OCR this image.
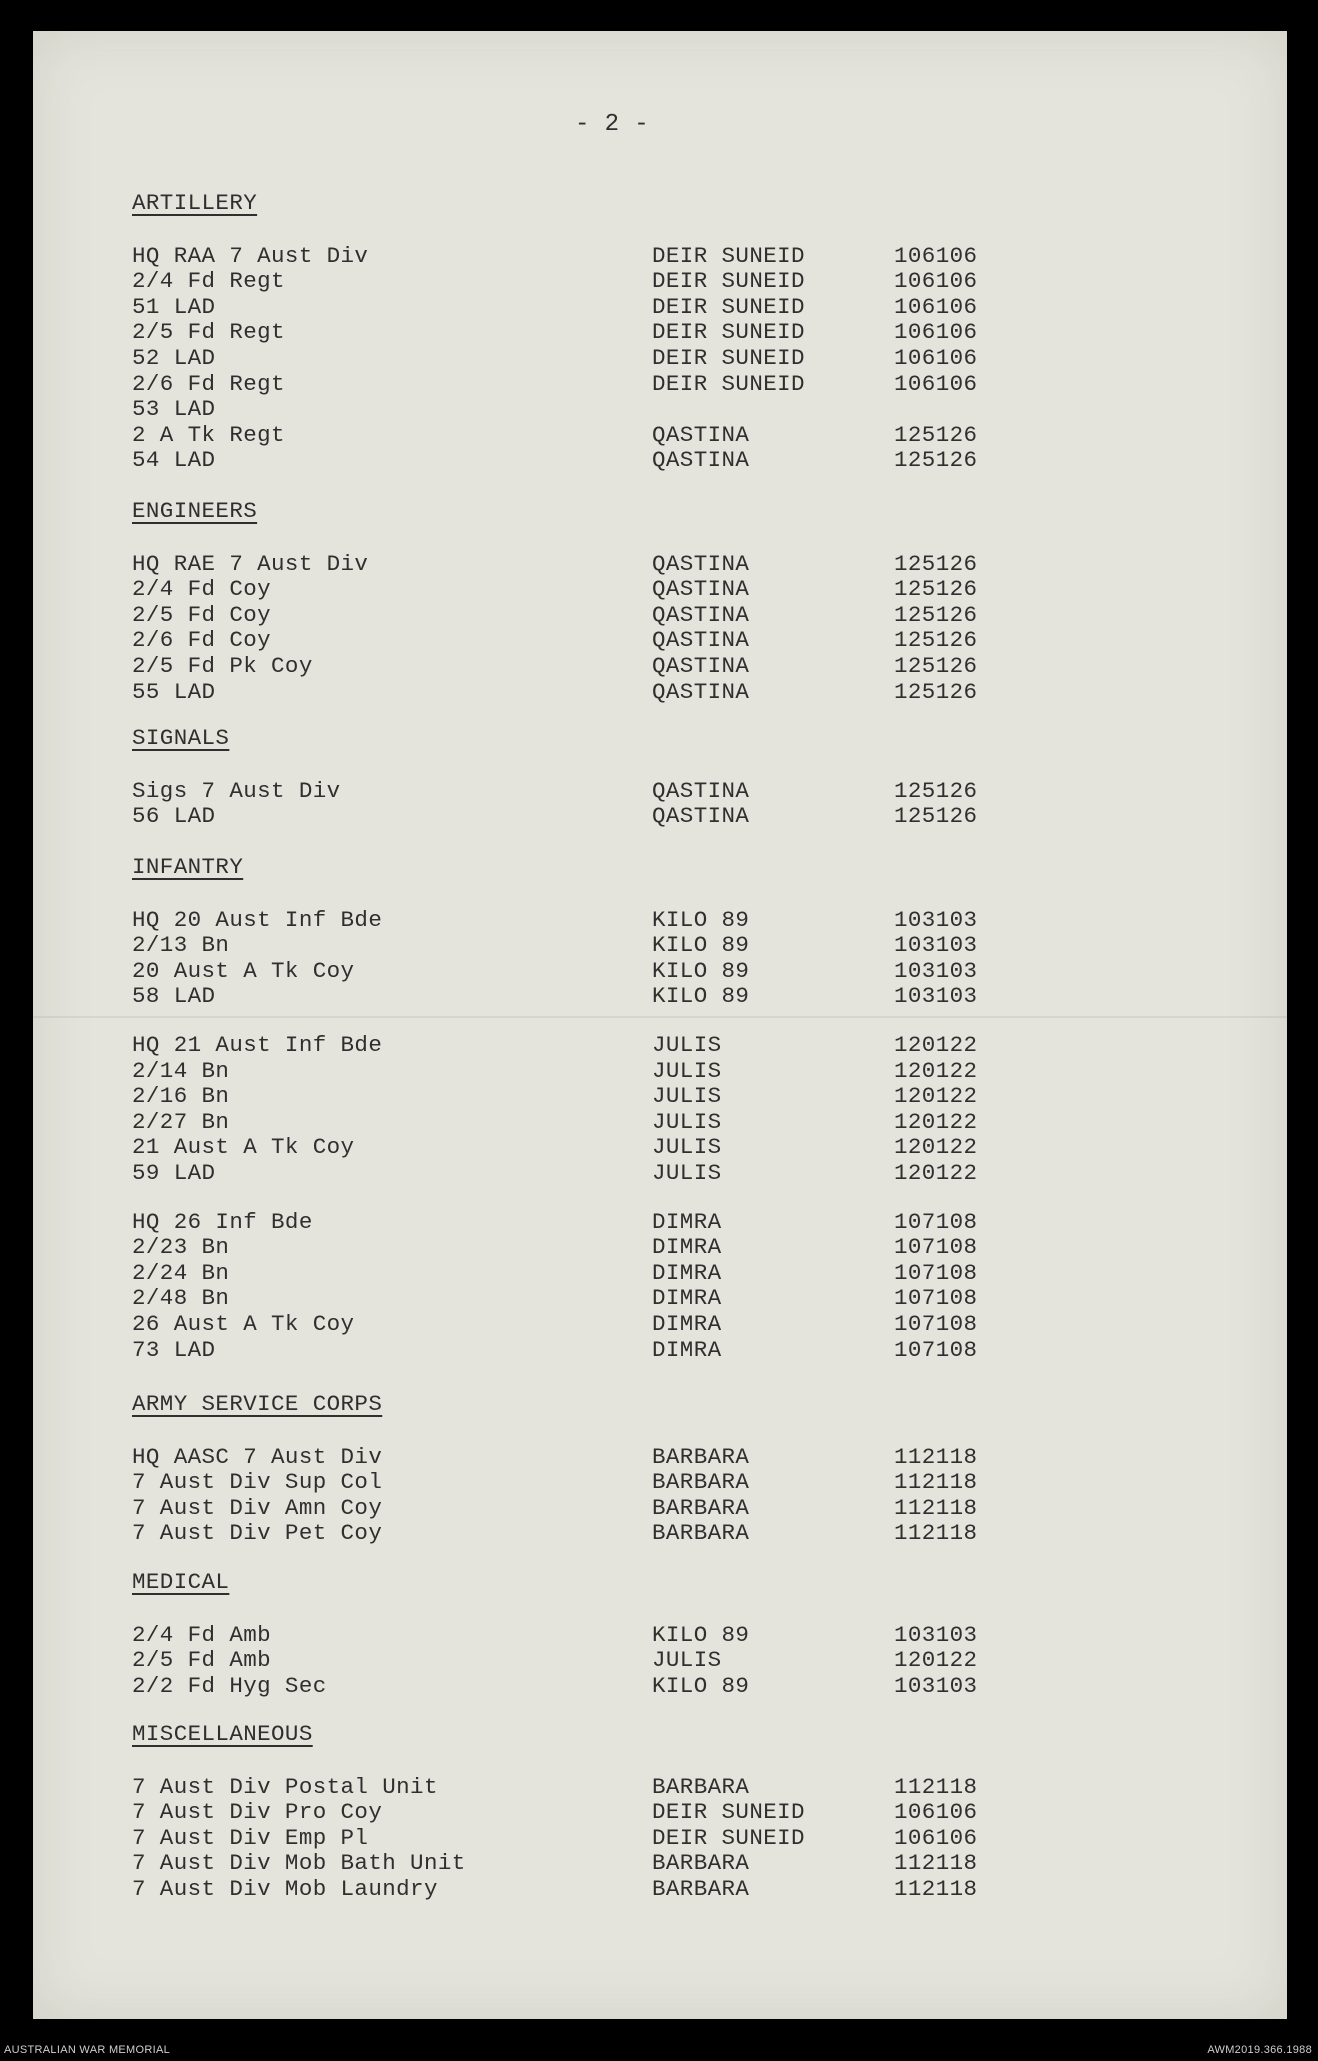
- 2 -
ARTILLERY
HQ RAA 7 Aust Div	DEIR SUNEID	106106
2/4 Fd Regt	DEIR SUNEID	106106
51 LAD	DEIR SUNEID	106106
2/5 Fd Regt	DEIR SUNEID	106106
52 LAD	DEIR SUNEID	106106
2/6 Fd Regt	DEIR SUNEID	106106
53 LAD
2 A Tk Regt	QASTINA	125126
54 LAD	QASTINA	125126
ENGINEERS
HQ RAE 7 Aust Div	QASTINA	125126
2/4 Fd Coy	QASTINA	125126
2/5 Fd Coy	QASTINA	125126
2/6 Fd Coy	QASTINA	125126
2/5 Fd Pk Coy	QASTINA	125126
55 LAD	QASTINA	125126
SIGNALS
Sigs 7 Aust Div	QASTINA	125126
56 LAD	QASTINA	125126
INFANTRY
HQ 20 Aust Inf Bde	KILO 89	103103
2/13 Bn	KILO 89	103103
20 Aust A Tk Coy	KILO 89	103103
58 LAD	KILO 89	103103
HQ 21 Aust Inf Bde	JULIS	120122
2/14 Bn	JULIS	120122
2/16 Bn	JULIS	120122
2/27 Bn	JULIS	120122
21 Aust A Tk Coy	JULIS	120122
59 LAD	JULIS	120122
HQ 26 Inf Bde	DIMRA	107108
2/23 Bn	DIMRA	107108
2/24 Bn	DIMRA	107108
2/48 Bn	DIMRA	107108
26 Aust A Tk Coy	DIMRA	107108
73 LAD	DIMRA	107108
ARMY SERVICE CORPS
HQ AASC 7 Aust Div	BARBARA	112118
7 Aust Div Sup Col	BARBARA	112118
7 Aust Div Amn Coy	BARBARA	112118
7 Aust Div Pet Coy	BARBARA	112118
MEDICAL
2/4 Fd Amb	KILO 89	103103
2/5 Fd Amb	JULIS	120122
2/2 Fd Hyg Sec	KILO 89	103103
MISCELLANEOUS
7 Aust Div Postal Unit	BARBARA	112118
7 Aust Div Pro Coy	DEIR SUNEID	106106
7 Aust Div Emp Pl	DEIR SUNEID	106106
7 Aust Div Mob Bath Unit	BARBARA	112118
7 Aust Div Mob Laundry	BARBARA	112118
AUSTRALIAN WAR MEMORIAL	AWM2019.366.1988
